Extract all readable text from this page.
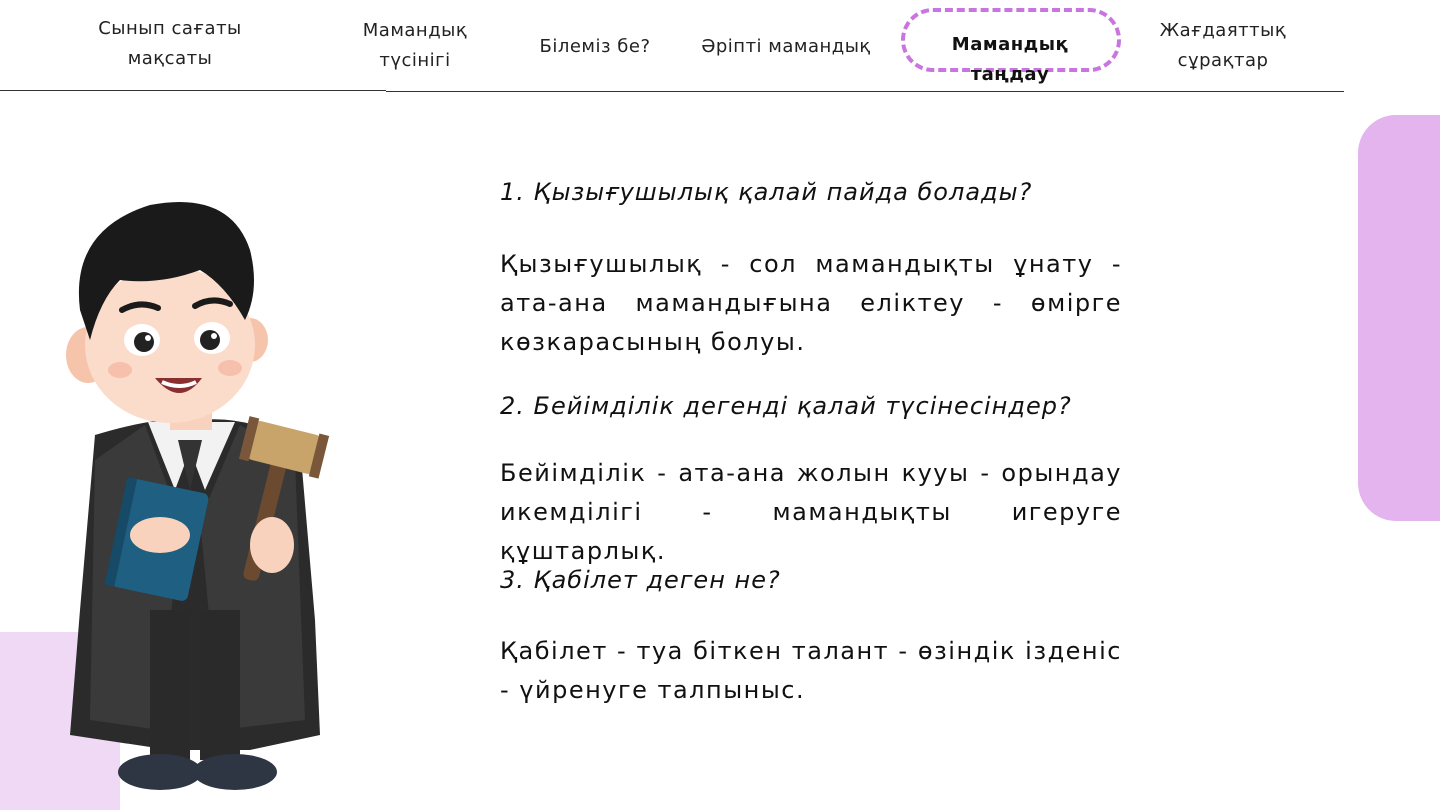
Сынып сағаты
мақсаты
Мамандық
түсінігі
Білеміз бе?	Әріпті мамандық	Мамандық
таңдау
Жағдаяттық
сұрақтар
1. Қызығушылық қалай пайда болады?
Қызығушылық - сол мамандықты ұнату - ата-ана мамандығына еліктеу - өмірге көзкарасының болуы.
2. Бейімділік дегенді қалай түсінесіндер?
Бейімділік - ата-ана жолын кууы - орындау икемділігі - мамандықты игеруге құштарлық.
3. Қабілет деген не?
Қабілет - туа біткен талант - өзіндік ізденіс - үйренуге талпыныс.
